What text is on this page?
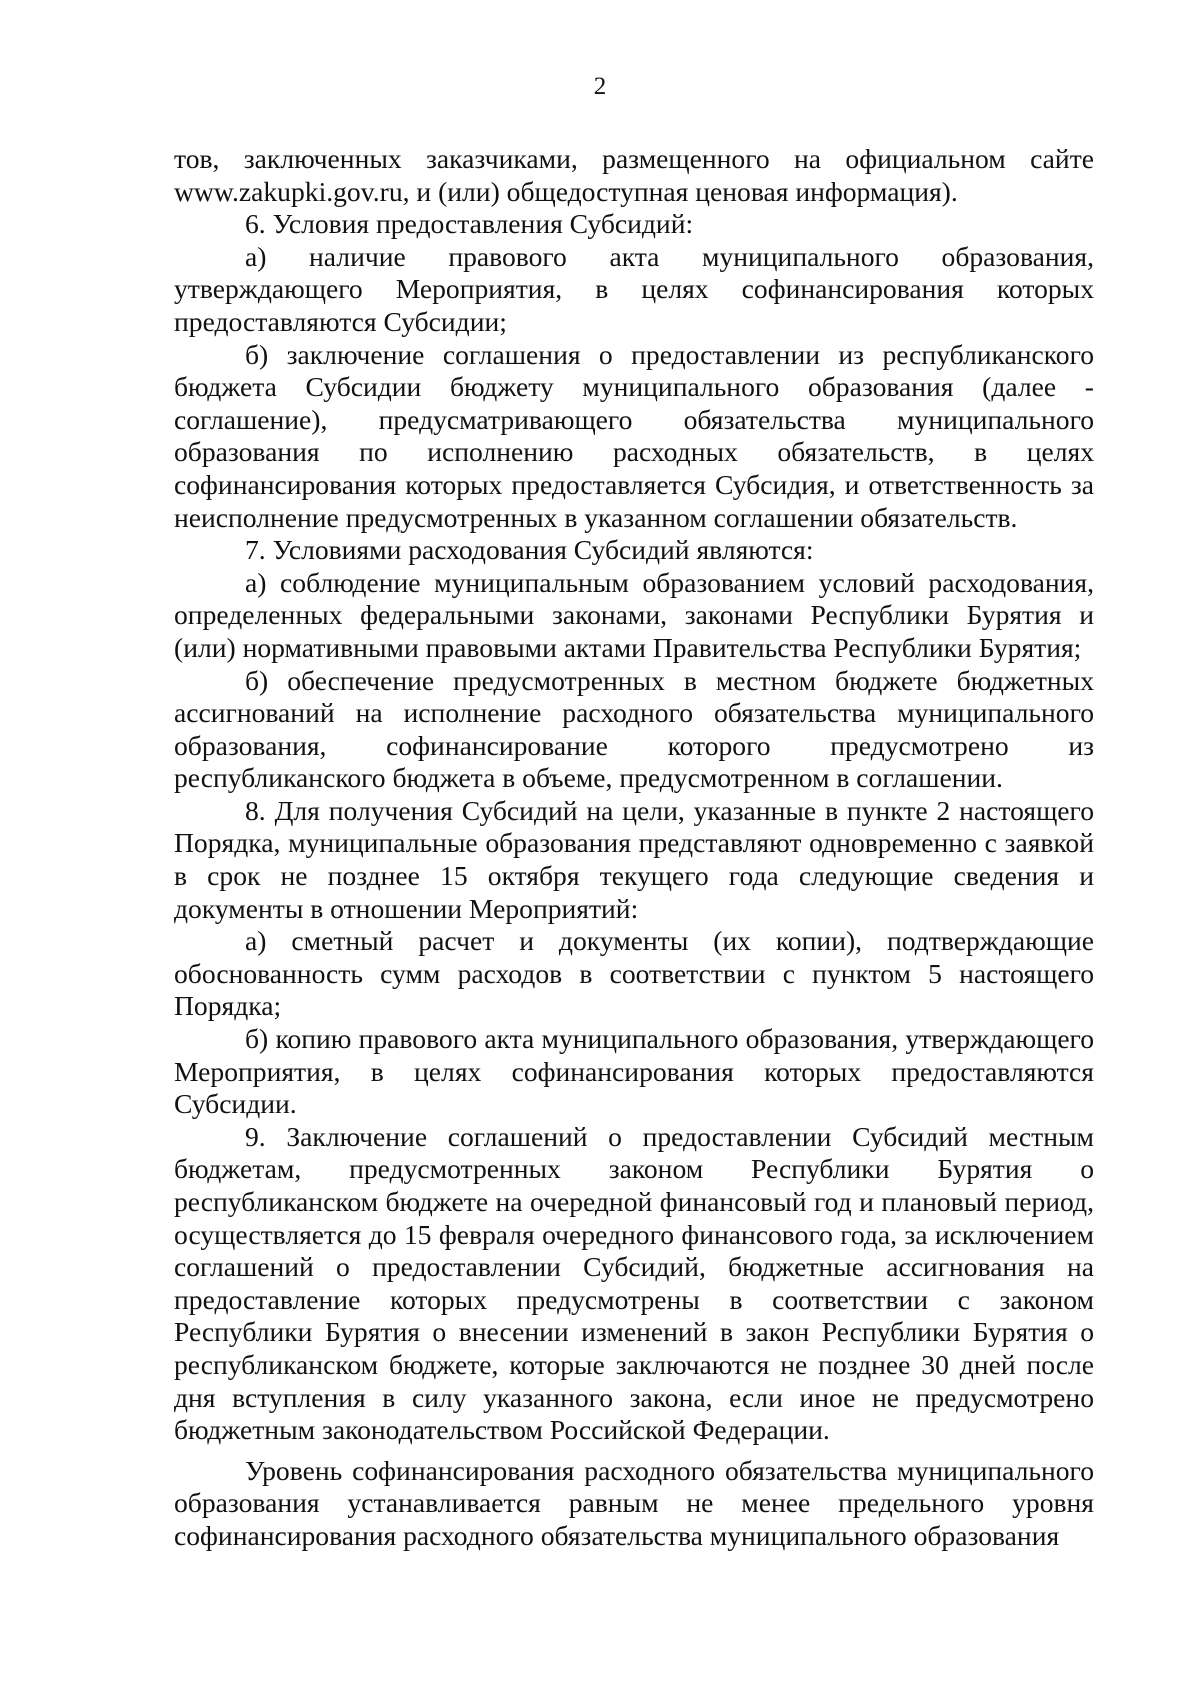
2

тов, заключенных заказчиками, размещенного на официальном сайте www.zakupki.gov.ru, и (или) общедоступная ценовая информация).

6. Условия предоставления Субсидий:

а) наличие правового акта муниципального образования, утверждающего Мероприятия, в целях софинансирования которых предоставляются Субсидии;

б) заключение соглашения о предоставлении из республиканского бюджета Субсидии бюджету муниципального образования (далее - соглашение), предусматривающего обязательства муниципального образования по исполнению расходных обязательств, в целях софинансирования которых предоставляется Субсидия, и ответственность за неисполнение предусмотренных в указанном соглашении обязательств.

7. Условиями расходования Субсидий являются:

а) соблюдение муниципальным образованием условий расходования, определенных федеральными законами, законами Республики Бурятия и (или) нормативными правовыми актами Правительства Республики Бурятия;

б) обеспечение предусмотренных в местном бюджете бюджетных ассигнований на исполнение расходного обязательства муниципального образования, софинансирование которого предусмотрено из республиканского бюджета в объеме, предусмотренном в соглашении.

8. Для получения Субсидий на цели, указанные в пункте 2 настоящего Порядка, муниципальные образования представляют одновременно с заявкой в срок не позднее 15 октября текущего года следующие сведения и документы в отношении Мероприятий:

а) сметный расчет и документы (их копии), подтверждающие обоснованность сумм расходов в соответствии с пунктом 5 настоящего Порядка;

б) копию правового акта муниципального образования, утверждающего Мероприятия, в целях софинансирования которых предоставляются Субсидии.

9. Заключение соглашений о предоставлении Субсидий местным бюджетам, предусмотренных законом Республики Бурятия о республиканском бюджете на очередной финансовый год и плановый период, осуществляется до 15 февраля очередного финансового года, за исключением соглашений о предоставлении Субсидий, бюджетные ассигнования на предоставление которых предусмотрены в соответствии с законом Республики Бурятия о внесении изменений в закон Республики Бурятия о республиканском бюджете, которые заключаются не позднее 30 дней после дня вступления в силу указанного закона, если иное не предусмотрено бюджетным законодательством Российской Федерации.

Уровень софинансирования расходного обязательства муниципального образования устанавливается равным не менее предельного уровня софинансирования расходного обязательства муниципального образования
